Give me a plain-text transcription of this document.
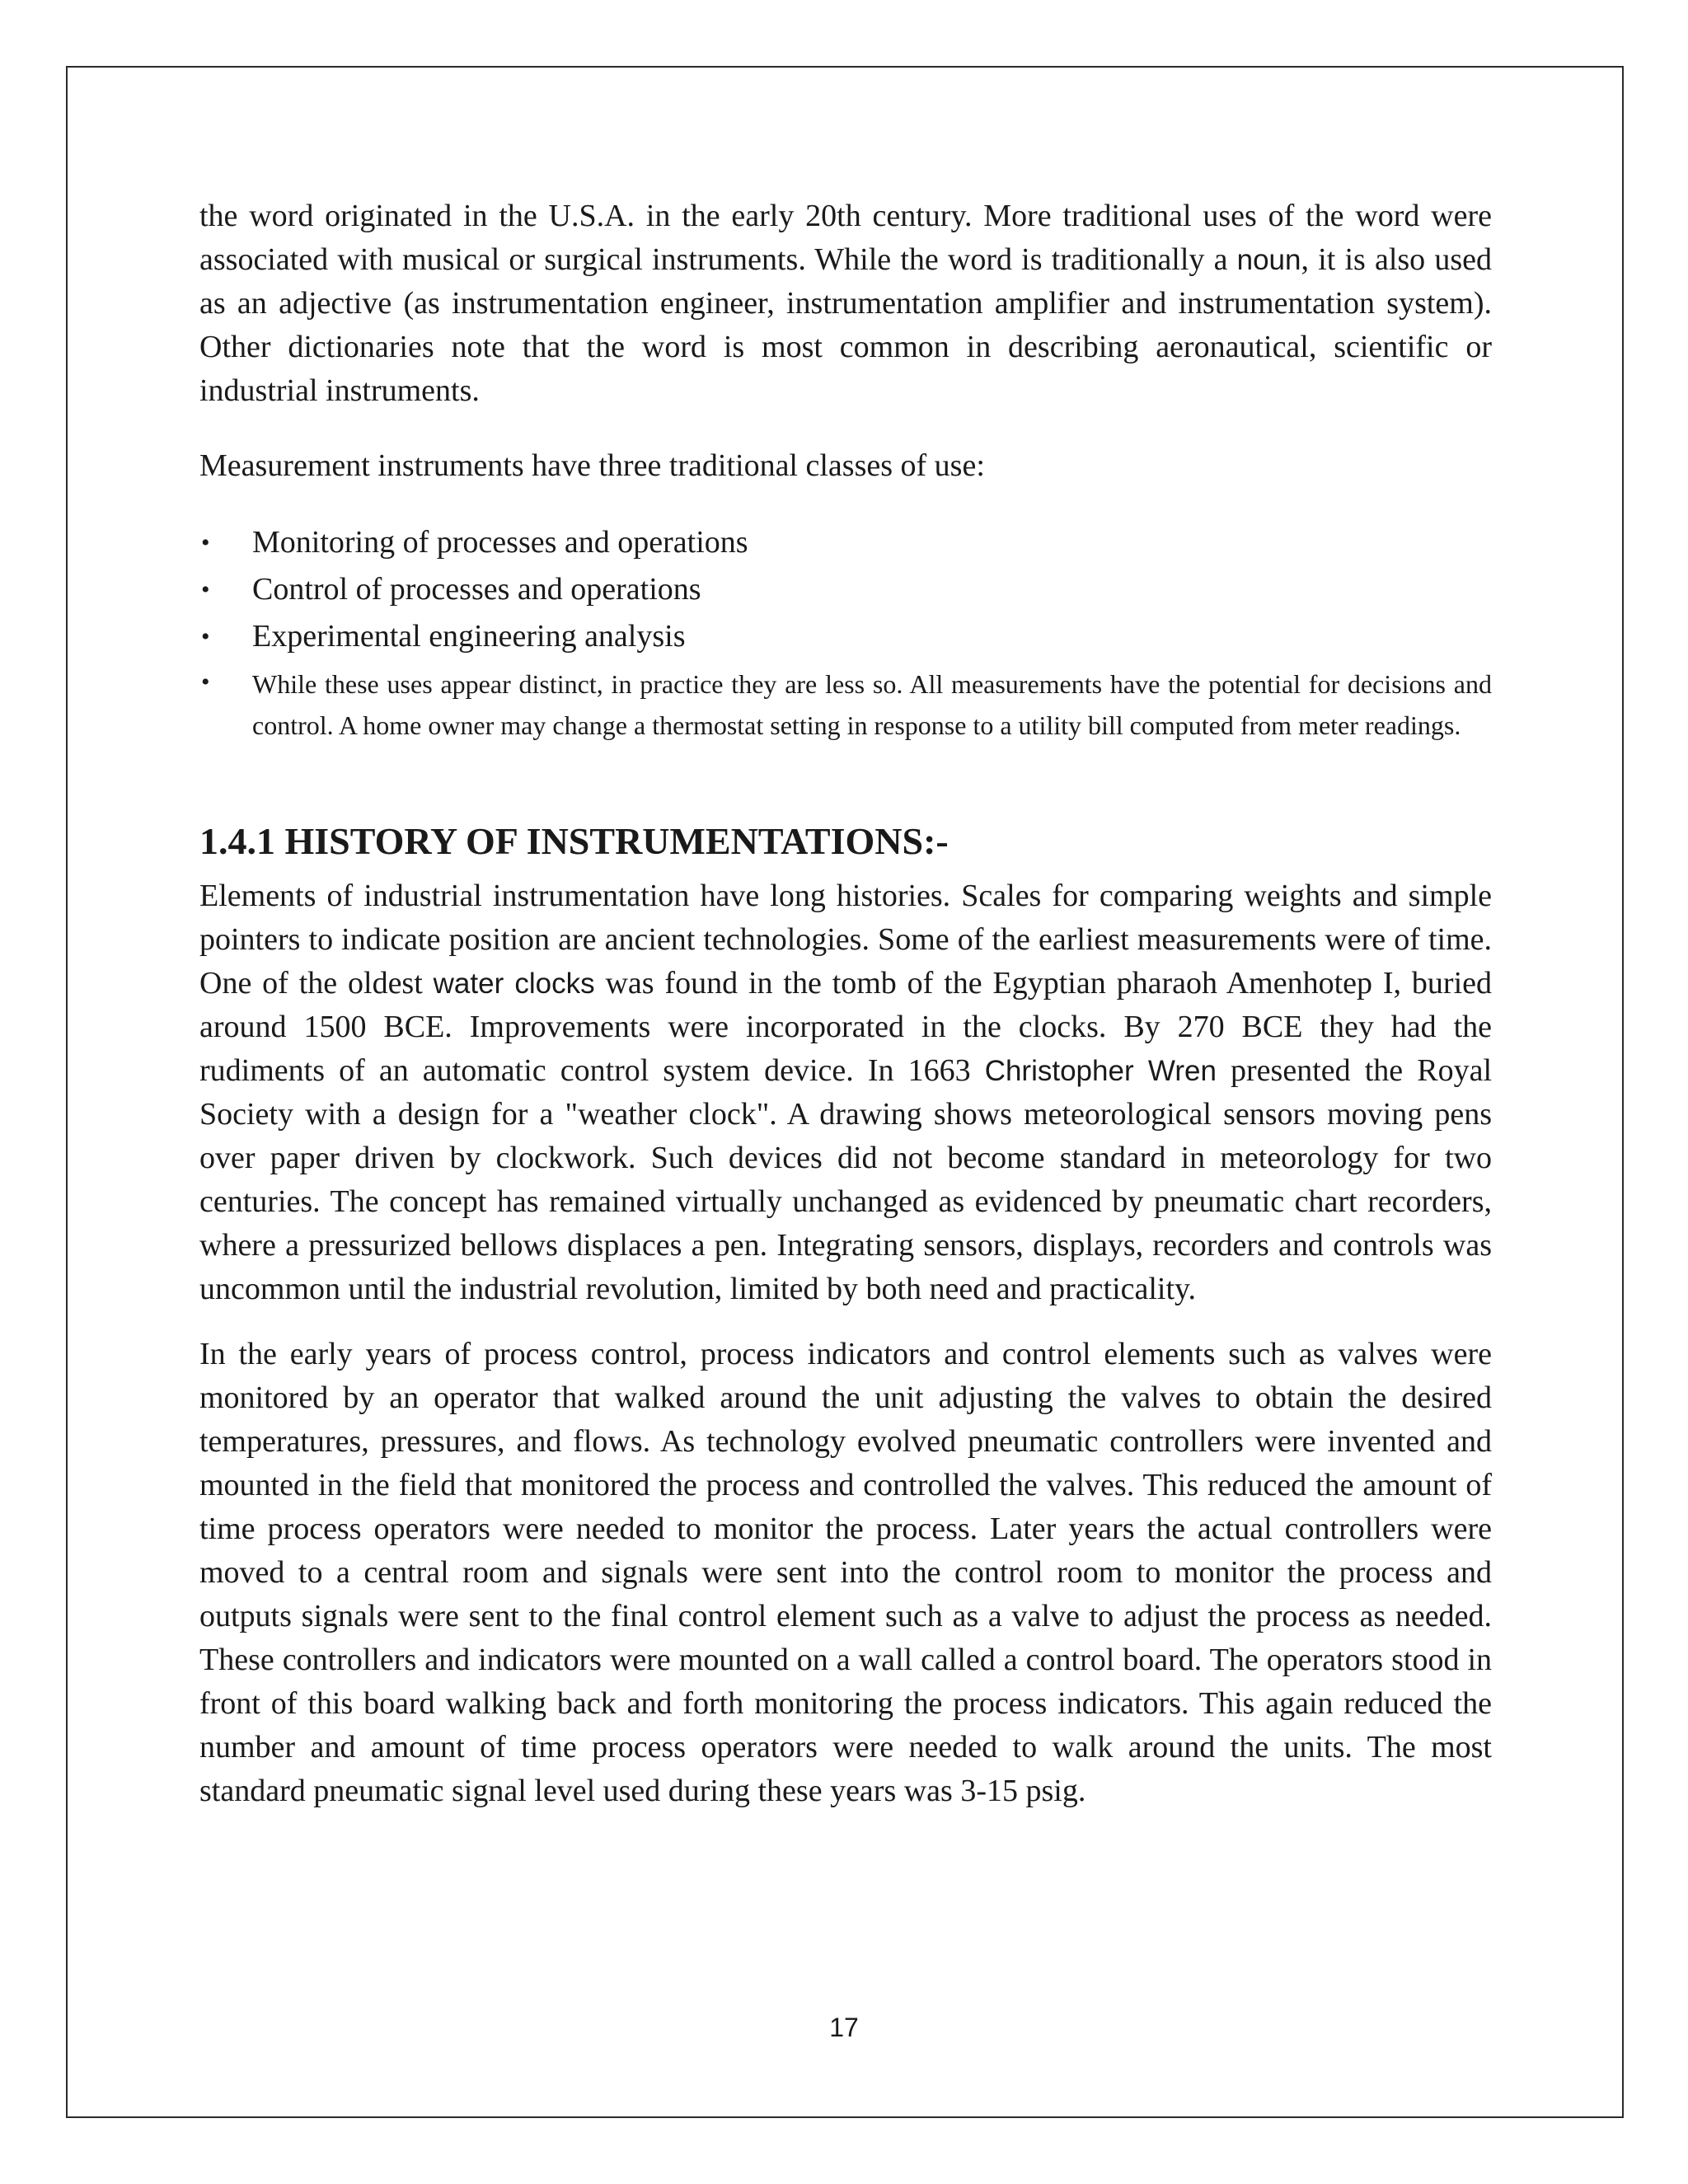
the word originated in the U.S.A. in the early 20th century. More traditional uses of the word were associated with musical or surgical instruments. While the word is traditionally a noun, it is also used as an adjective (as instrumentation engineer, instrumentation amplifier and instrumentation system). Other dictionaries note that the word is most common in describing aeronautical, scientific or industrial instruments.

Measurement instruments have three traditional classes of use:

• Monitoring of processes and operations
• Control of processes and operations
• Experimental engineering analysis
• While these uses appear distinct, in practice they are less so. All measurements have the potential for decisions and control. A home owner may change a thermostat setting in response to a utility bill computed from meter readings.
1.4.1 HISTORY OF INSTRUMENTATIONS:-

Elements of industrial instrumentation have long histories. Scales for comparing weights and simple pointers to indicate position are ancient technologies. Some of the earliest measurements were of time. One of the oldest water clocks was found in the tomb of the Egyptian pharaoh Amenhotep I, buried around 1500 BCE. Improvements were incorporated in the clocks. By 270 BCE they had the rudiments of an automatic control system device. In 1663 Christopher Wren presented the Royal Society with a design for a "weather clock". A drawing shows meteorological sensors moving pens over paper driven by clockwork. Such devices did not become standard in meteorology for two centuries. The concept has remained virtually unchanged as evidenced by pneumatic chart recorders, where a pressurized bellows displaces a pen. Integrating sensors, displays, recorders and controls was uncommon until the industrial revolution, limited by both need and practicality.

In the early years of process control, process indicators and control elements such as valves were monitored by an operator that walked around the unit adjusting the valves to obtain the desired temperatures, pressures, and flows. As technology evolved pneumatic controllers were invented and mounted in the field that monitored the process and controlled the valves. This reduced the amount of time process operators were needed to monitor the process. Later years the actual controllers were moved to a central room and signals were sent into the control room to monitor the process and outputs signals were sent to the final control element such as a valve to adjust the process as needed. These controllers and indicators were mounted on a wall called a control board. The operators stood in front of this board walking back and forth monitoring the process indicators. This again reduced the number and amount of time process operators were needed to walk around the units. The most standard pneumatic signal level used during these years was 3-15 psig.

17
